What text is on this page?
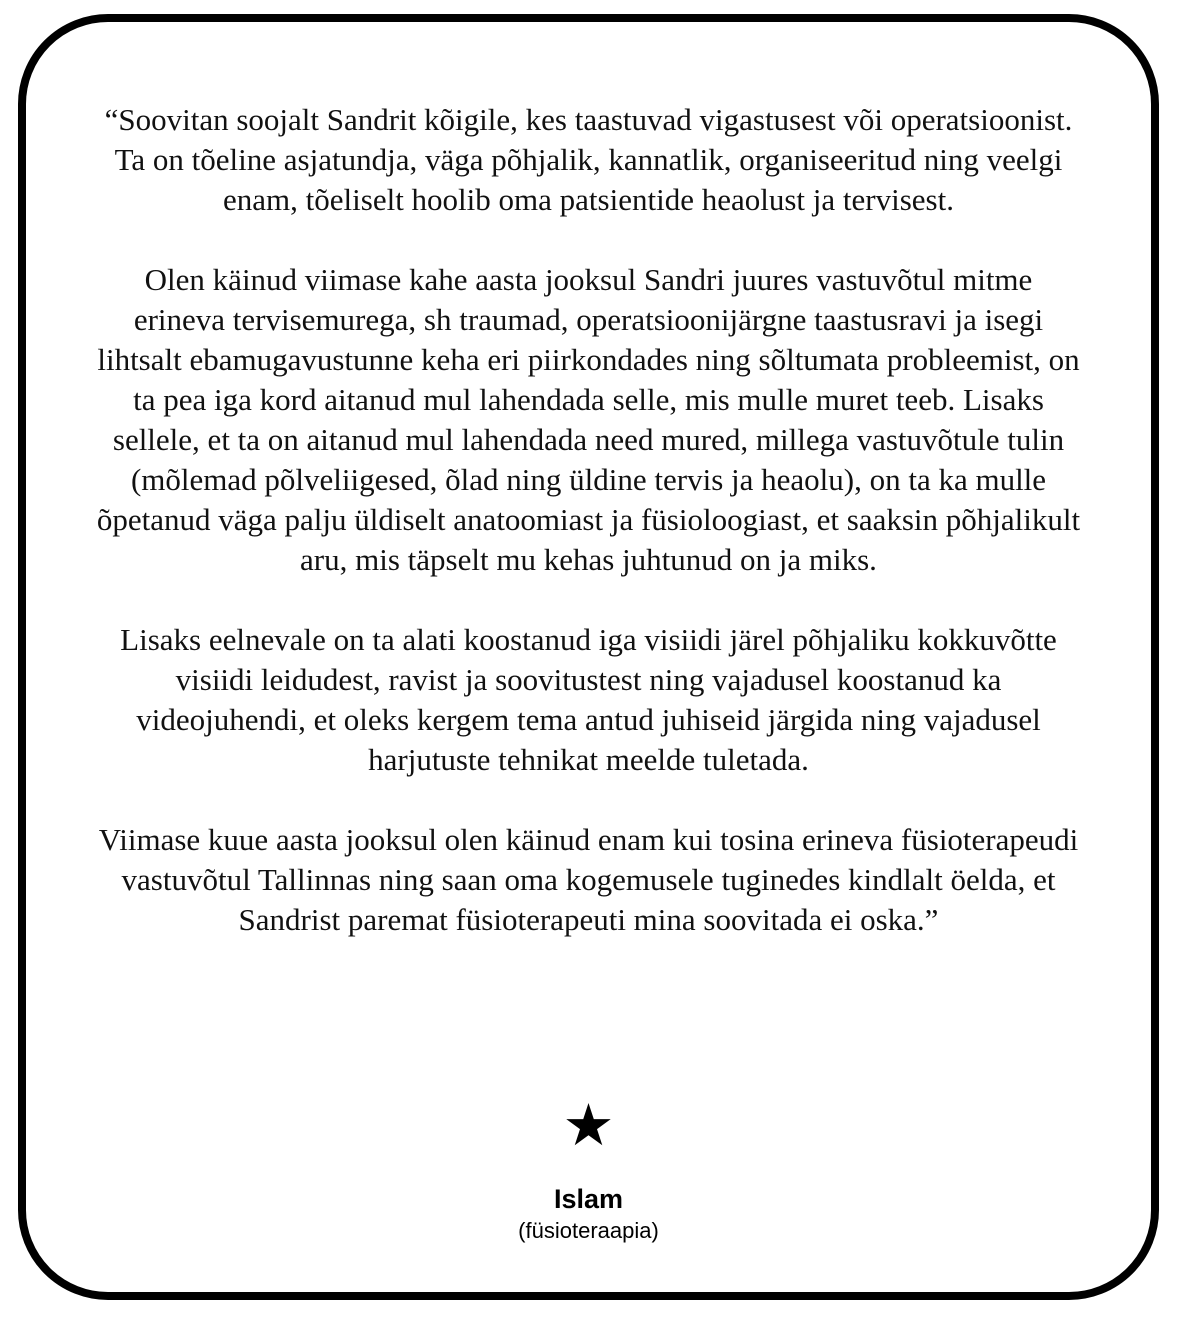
“Soovitan soojalt Sandrit kõigile, kes taastuvad vigastusest või operatsioonist. Ta on tõeline asjatundja, väga põhjalik, kannatlik, organiseeritud ning veelgi enam, tõeliselt hoolib oma patsientide heaolust ja tervisest.

Olen käinud viimase kahe aasta jooksul Sandri juures vastuvõtul mitme erineva tervisemurega, sh traumad, operatsioonijärgne taastusravi ja isegi lihtsalt ebamugavustunne keha eri piirkondades ning sõltumata probleemist, on ta pea iga kord aitanud mul lahendada selle, mis mulle muret teeb. Lisaks sellele, et ta on aitanud mul lahendada need mured, millega vastuvõtule tulin (mõlemad põlveliigesed, õlad ning üldine tervis ja heaolu), on ta ka mulle õpetanud väga palju üldiselt anatoomiast ja füsioloogiast, et saaksin põhjalikult aru, mis täpselt mu kehas juhtunud on ja miks.

Lisaks eelnevale on ta alati koostanud iga visiidi järel põhjaliku kokkuvõtte visiidi leidudest, ravist ja soovitustest ning vajadusel koostanud ka videojuhendi, et oleks kergem tema antud juhiseid järgida ning vajadusel harjutuste tehnikat meelde tuletada.

Viimase kuue aasta jooksul olen käinud enam kui tosina erineva füsioterapeudi vastuvõtul Tallinnas ning saan oma kogemusele tuginedes kindlalt öelda, et Sandrist paremat füsioterapeuti mina soovitada ei oska.”

★
Islam
(füsioteraapia)
